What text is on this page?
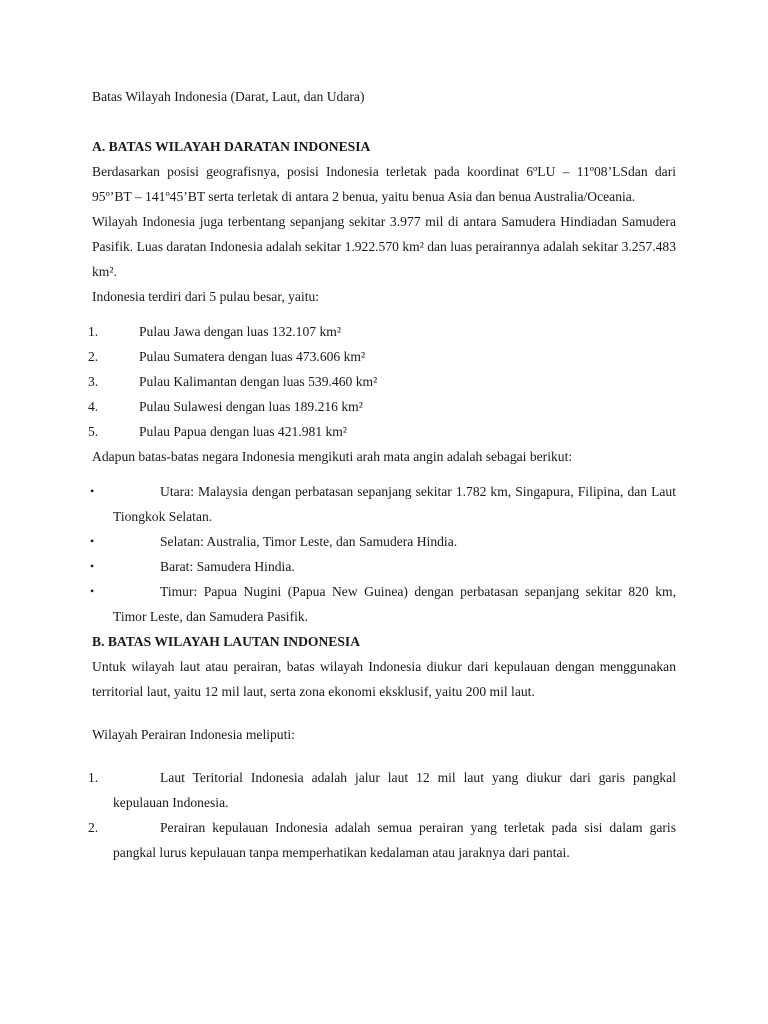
Batas Wilayah Indonesia (Darat, Laut, dan Udara)

A. BATAS WILAYAH DARATAN INDONESIA

Berdasarkan posisi geografisnya, posisi Indonesia terletak pada koordinat 6ºLU – 11º08’LSdan dari 95º’BT – 141º45’BT serta terletak di antara 2 benua, yaitu benua Asia dan benua Australia/Oceania.

Wilayah Indonesia juga terbentang sepanjang sekitar 3.977 mil di antara Samudera Hindiadan Samudera Pasifik. Luas daratan Indonesia adalah sekitar 1.922.570 km² dan luas perairannya adalah sekitar 3.257.483 km².

Indonesia terdiri dari 5 pulau besar, yaitu:

1.	Pulau Jawa dengan luas 132.107 km²
2.	Pulau Sumatera dengan luas 473.606 km²
3.	Pulau Kalimantan dengan luas 539.460 km²
4.	Pulau Sulawesi dengan luas 189.216 km²
5.	Pulau Papua dengan luas 421.981 km²

Adapun batas-batas negara Indonesia mengikuti arah mata angin adalah sebagai berikut:

•	Utara: Malaysia dengan perbatasan sepanjang sekitar 1.782 km, Singapura, Filipina, dan Laut Tiongkok Selatan.

•	Selatan: Australia, Timor Leste, dan Samudera Hindia.

•	Barat: Samudera Hindia.

•	Timur: Papua Nugini (Papua New Guinea) dengan perbatasan sepanjang sekitar 820 km, Timor Leste, dan Samudera Pasifik.

B. BATAS WILAYAH LAUTAN INDONESIA

Untuk wilayah laut atau perairan, batas wilayah Indonesia diukur dari kepulauan dengan menggunakan territorial laut, yaitu 12 mil laut, serta zona ekonomi eksklusif, yaitu 200 mil laut.

Wilayah Perairan Indonesia meliputi:

1.	Laut Teritorial Indonesia adalah jalur laut 12 mil laut yang diukur dari garis pangkal kepulauan Indonesia.

2.	Perairan kepulauan Indonesia adalah semua perairan yang terletak pada sisi dalam garis pangkal lurus kepulauan tanpa memperhatikan kedalaman atau jaraknya dari pantai.
